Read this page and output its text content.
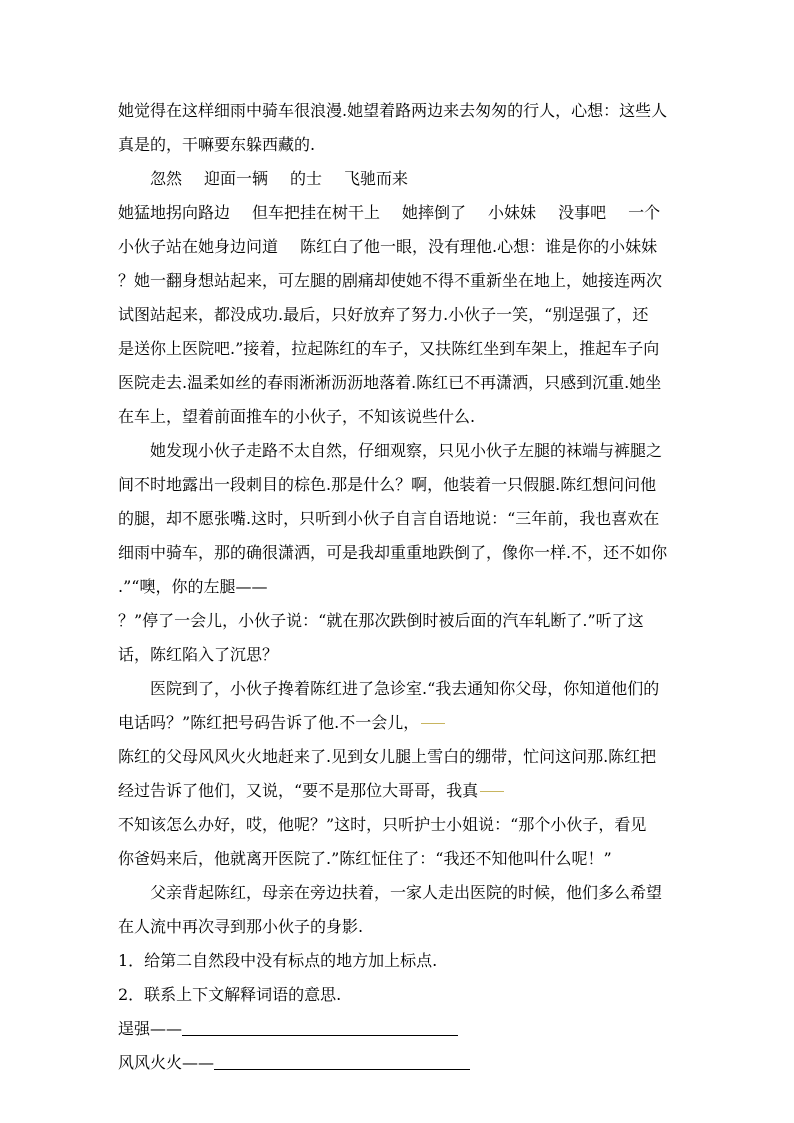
她觉得在这样细雨中骑车很浪漫.她望着路两边来去匆匆的行人，心想：这些人
真是的，干嘛要东躲西藏的.
忽然 迎面一辆 的士 飞驰而来
她猛地拐向路边 但车把挂在树干上 她摔倒了 小妹妹 没事吧 一个
小伙子站在她身边问道 陈红白了他一眼，没有理他.心想：谁是你的小妹妹
？她一翻身想站起来，可左腿的剧痛却使她不得不重新坐在地上，她接连两次
试图站起来，都没成功.最后，只好放弃了努力.小伙子一笑，“别逞强了，还
是送你上医院吧.”接着，拉起陈红的车子，又扶陈红坐到车架上，推起车子向
医院走去.温柔如丝的春雨淅淅沥沥地落着.陈红已不再潇洒，只感到沉重.她坐
在车上，望着前面推车的小伙子，不知该说些什么.
她发现小伙子走路不太自然，仔细观察，只见小伙子左腿的袜端与裤腿之
间不时地露出一段刺目的棕色.那是什么？啊，他装着一只假腿.陈红想问问他
的腿，却不愿张嘴.这时，只听到小伙子自言自语地说：“三年前，我也喜欢在
细雨中骑车，那的确很潇洒，可是我却重重地跌倒了，像你一样.不，还不如你
.”“噢，你的左腿——
？”停了一会儿，小伙子说：“就在那次跌倒时被后面的汽车轧断了.”听了这
话，陈红陷入了沉思？
医院到了，小伙子搀着陈红进了急诊室.“我去通知你父母，你知道他们的
电话吗？”陈红把号码告诉了他.不一会儿，
陈红的父母风风火火地赶来了.见到女儿腿上雪白的绷带，忙问这问那.陈红把
经过告诉了他们，又说，“要不是那位大哥哥，我真
不知该怎么办好，哎，他呢？”这时，只听护士小姐说：“那个小伙子，看见
你爸妈来后，他就离开医院了.”陈红怔住了：“我还不知他叫什么呢！”
父亲背起陈红，母亲在旁边扶着，一家人走出医院的时候，他们多么希望
在人流中再次寻到那小伙子的身影.
1．给第二自然段中没有标点的地方加上标点.
2．联系上下文解释词语的意思.
逞强——
风风火火——
